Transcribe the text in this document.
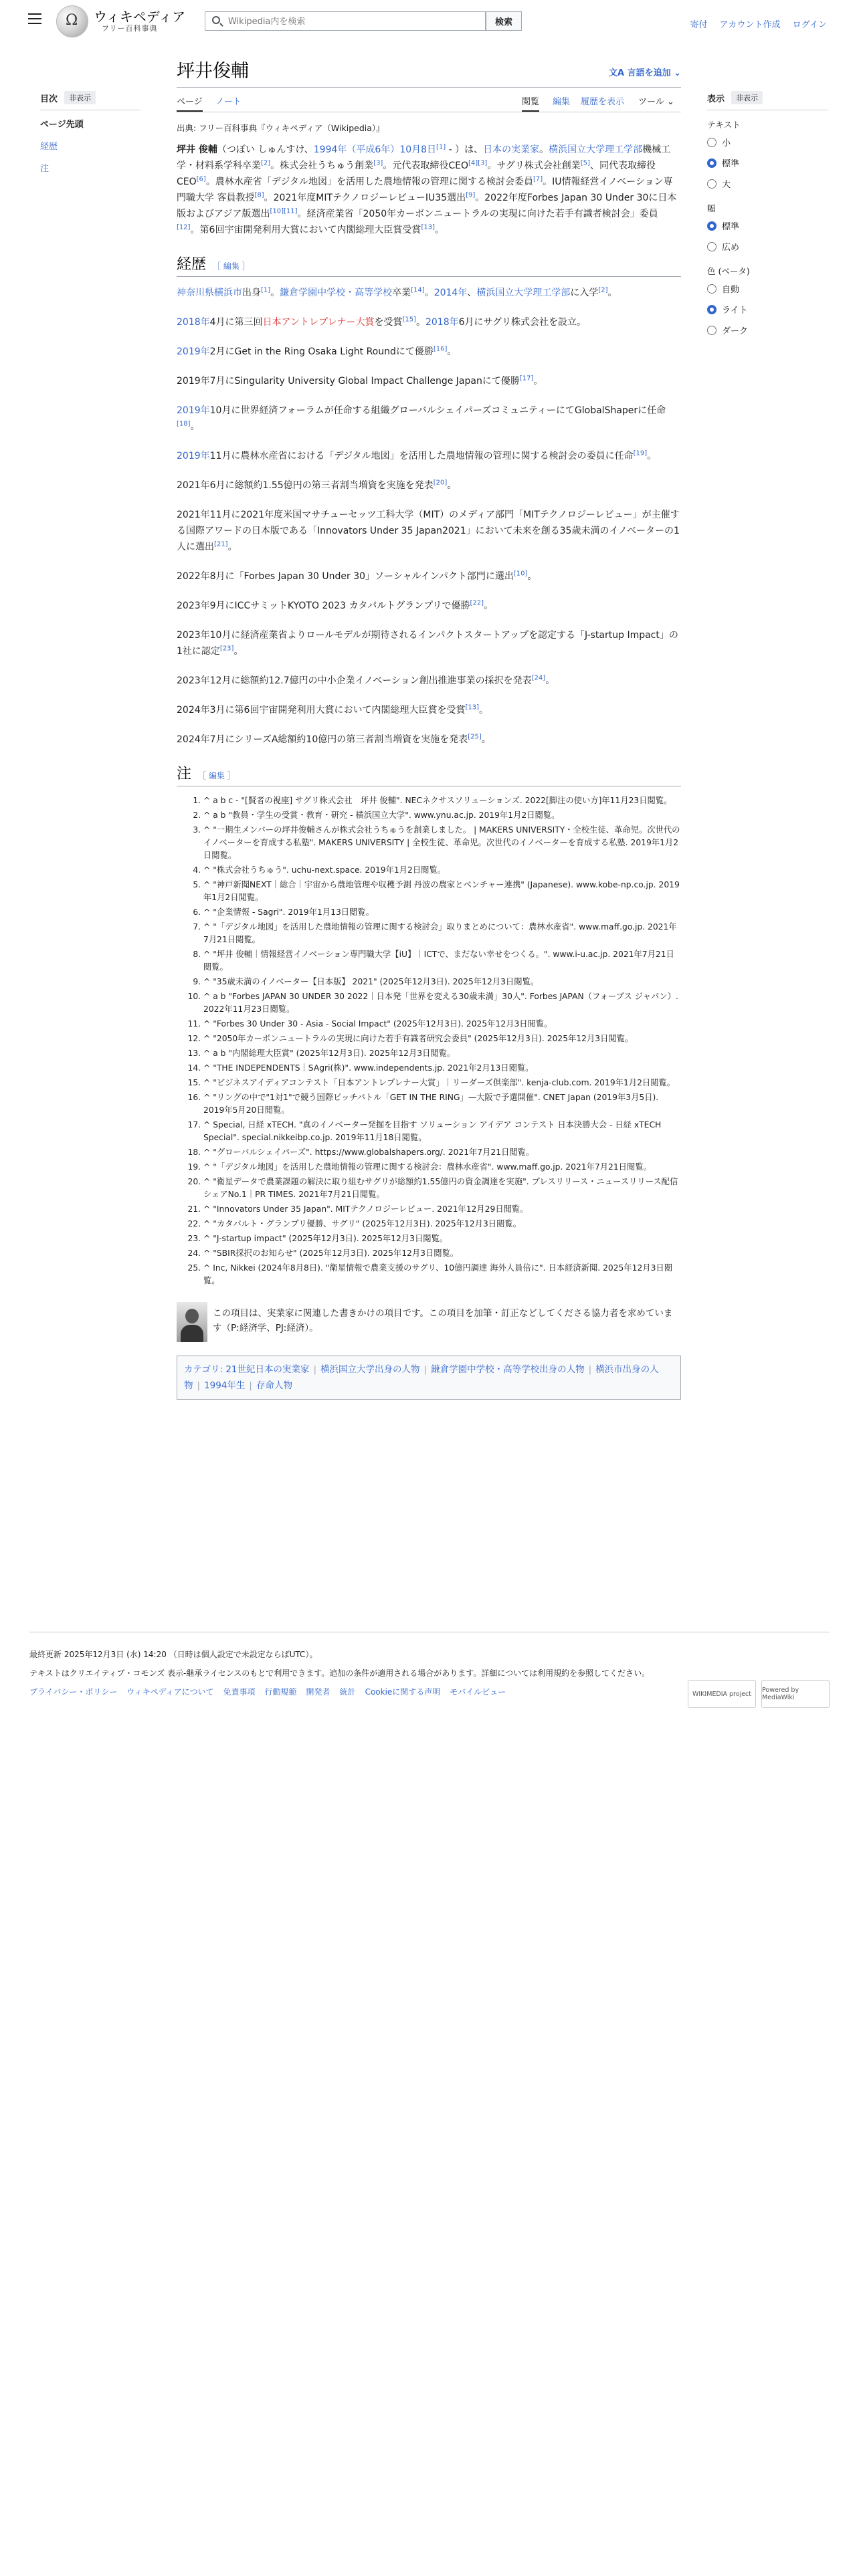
Ω ウィキペディア
フリー百科事典
Wikipedia内を検索
検索	寄付 アカウント作成 ログイン
目次	非表示
ページ先頭
経歴
注
坪井俊輔	文A 言語を追加 ⌄
ページ ノート	閲覧 編集 履歴を表示 ツール ⌄
出典: フリー百科事典『ウィキペディア（Wikipedia）』

坪井 俊輔（つぼい しゅんすけ、1994年（平成6年）10月8日[1] - ）は、日本の実業家。横浜国立大学理工学部機械工学・材料系学科卒業[2]。株式会社うちゅう創業[3]。元代表取締役CEO[4][3]。サグリ株式会社創業[5]、同代表取締役CEO[6]。農林水産省「デジタル地図」を活用した農地情報の管理に関する検討会委員[7]。IU情報経営イノベーション専門職大学 客員教授[8]。2021年度MITテクノロジーレビューIU35選出[9]。2022年度Forbes Japan 30 Under 30に日本版およびアジア版選出[10][11]。経済産業省「2050年カーボンニュートラルの実現に向けた若手有識者検討会」委員[12]。第6回宇宙開発利用大賞において内閣総理大臣賞受賞[13]。

経歴 ［ 編集 ］

神奈川県横浜市出身[1]。鎌倉学園中学校・高等学校卒業[14]。2014年、横浜国立大学理工学部に入学[2]。

2018年4月に第三回日本アントレプレナー大賞を受賞[15]。2018年6月にサグリ株式会社を設立。

2019年2月にGet in the Ring Osaka Light Roundにて優勝[16]。

2019年7月にSingularity University Global Impact Challenge Japanにて優勝[17]。

2019年10月に世界経済フォーラムが任命する組織グローバルシェイパーズコミュニティーにてGlobalShaperに任命[18]。

2019年11月に農林水産省における「デジタル地図」を活用した農地情報の管理に関する検討会の委員に任命[19]。

2021年6月に総額約1.55億円の第三者割当増資を実施を発表[20]。

2021年11月に2021年度米国マサチューセッツ工科大学（MIT）のメディア部門「MITテクノロジーレビュー」が主催する国際アワードの日本版である「Innovators Under 35 Japan2021」において未来を創る35歳未満のイノベーターの1人に選出[21]。

2022年8月に「Forbes Japan 30 Under 30」ソーシャルインパクト部門に選出[10]。

2023年9月にICCサミットKYOTO 2023 カタパルトグランプリで優勝[22]。

2023年10月に経済産業省よりロールモデルが期待されるインパクトスタートアップを認定する「J-startup Impact」の1社に認定[23]。

2023年12月に総額約12.7億円の中小企業イノベーション創出推進事業の採択を発表[24]。

2024年3月に第6回宇宙開発利用大賞において内閣総理大臣賞を受賞[13]。

2024年7月にシリーズA総額約10億円の第三者割当増資を実施を発表[25]。

注 ［ 編集 ］
1. ^ a b c - "[賢者の視座] サグリ株式会社　坪井 俊輔". NECネクサスソリューションズ. 2022[脚注の使い方]年11月23日閲覧。
2. ^ a b "教員・学生の受賞・教育・研究 - 横浜国立大学". www.ynu.ac.jp. 2019年1月2日閲覧。
3. ^ "一期生メンバーの坪井俊輔さんが株式会社うちゅうを創業しました。 | MAKERS UNIVERSITY・全校生徒、革命児。次世代のイノベーターを育成する私塾". MAKERS UNIVERSITY | 全校生徒、革命児。次世代のイノベーターを育成する私塾. 2019年1月2日閲覧。
4. ^ "株式会社うちゅう". uchu-next.space. 2019年1月2日閲覧。
5. ^ "神戸新聞NEXT｜総合｜宇宙から農地管理や収穫予測 丹波の農家とベンチャー連携" (Japanese). www.kobe-np.co.jp. 2019年1月2日閲覧。
6. ^ "企業情報 - Sagri". 2019年1月13日閲覧。
7. ^ "「デジタル地図」を活用した農地情報の管理に関する検討会」取りまとめについて：農林水産省". www.maff.go.jp. 2021年7月21日閲覧。
8. ^ "坪井 俊輔｜情報経営イノベーション専門職大学【iU】｜ICTで、まだない幸せをつくる。". www.i-u.ac.jp. 2021年7月21日閲覧。
9. ^ "35歳未満のイノベーター【日本版】 2021" (2025年12月3日). 2025年12月3日閲覧。
10. ^ a b "Forbes JAPAN 30 UNDER 30 2022｜日本発「世界を変える30歳未満」30人". Forbes JAPAN（フォーブス ジャパン）. 2022年11月23日閲覧。
11. ^ "Forbes 30 Under 30 - Asia - Social Impact" (2025年12月3日). 2025年12月3日閲覧。
12. ^ "2050年カーボンニュートラルの実現に向けた若手有識者研究会委員" (2025年12月3日). 2025年12月3日閲覧。
13. ^ a b "内閣総理大臣賞" (2025年12月3日). 2025年12月3日閲覧。
14. ^ "THE INDEPENDENTS｜SAgri(株)". www.independents.jp. 2021年2月13日閲覧。
15. ^ "ビジネスアイディアコンテスト「日本アントレプレナー大賞」｜リーダーズ倶楽部". kenja-club.com. 2019年1月2日閲覧。
16. ^ "リングの中で"1対1"で競う国際ピッチバトル「GET IN THE RING」—大阪で予選開催". CNET Japan (2019年3月5日). 2019年5月20日閲覧。
17. ^ Special, 日経 xTECH. "真のイノベーター発掘を目指す ソリューション アイデア コンテスト 日本決勝大会 - 日経 xTECH Special". special.nikkeibp.co.jp. 2019年11月18日閲覧。
18. ^ "グローバルシェイパーズ". https://www.globalshapers.org/. 2021年7月21日閲覧。
19. ^ "「デジタル地図」を活用した農地情報の管理に関する検討会：農林水産省". www.maff.go.jp. 2021年7月21日閲覧。
20. ^ "衛星データで農業課題の解決に取り組むサグリが総額約1.55億円の資金調達を実施". プレスリリース・ニュースリリース配信シェアNo.1｜PR TIMES. 2021年7月21日閲覧。
21. ^ "Innovators Under 35 Japan". MITテクノロジーレビュー. 2021年12月29日閲覧。
22. ^ "カタパルト・グランプリ優勝、サグリ" (2025年12月3日). 2025年12月3日閲覧。
23. ^ "J-startup impact" (2025年12月3日). 2025年12月3日閲覧。
24. ^ "SBIR採択のお知らせ" (2025年12月3日). 2025年12月3日閲覧。
25. ^ Inc, Nikkei (2024年8月8日). "衛星情報で農業支援のサグリ、10億円調達 海外人員倍に". 日本経済新聞. 2025年12月3日閲覧。
この項目は、実業家に関連した書きかけの項目です。この項目を加筆・訂正などしてくださる協力者を求めています（P:経済学、PJ:経済）。
カテゴリ: 21世紀日本の実業家 | 横浜国立大学出身の人物 | 鎌倉学園中学校・高等学校出身の人物 | 横浜市出身の人物 | 1994年生 | 存命人物
表示	非表示
テキスト
小
標準
大
幅
標準
広め
色 (ベータ)
自動
ライト
ダーク
最終更新 2025年12月3日 (水) 14:20 （日時は個人設定で未設定ならばUTC）。
テキストはクリエイティブ・コモンズ 表示-継承ライセンスのもとで利用できます。追加の条件が適用される場合があります。詳細については利用規約を参照してください。
プライバシー・ポリシー ウィキペディアについて 免責事項 行動規範 開発者 統計 Cookieに関する声明 モバイルビュー	WIKIMEDIA project	Powered by MediaWiki
